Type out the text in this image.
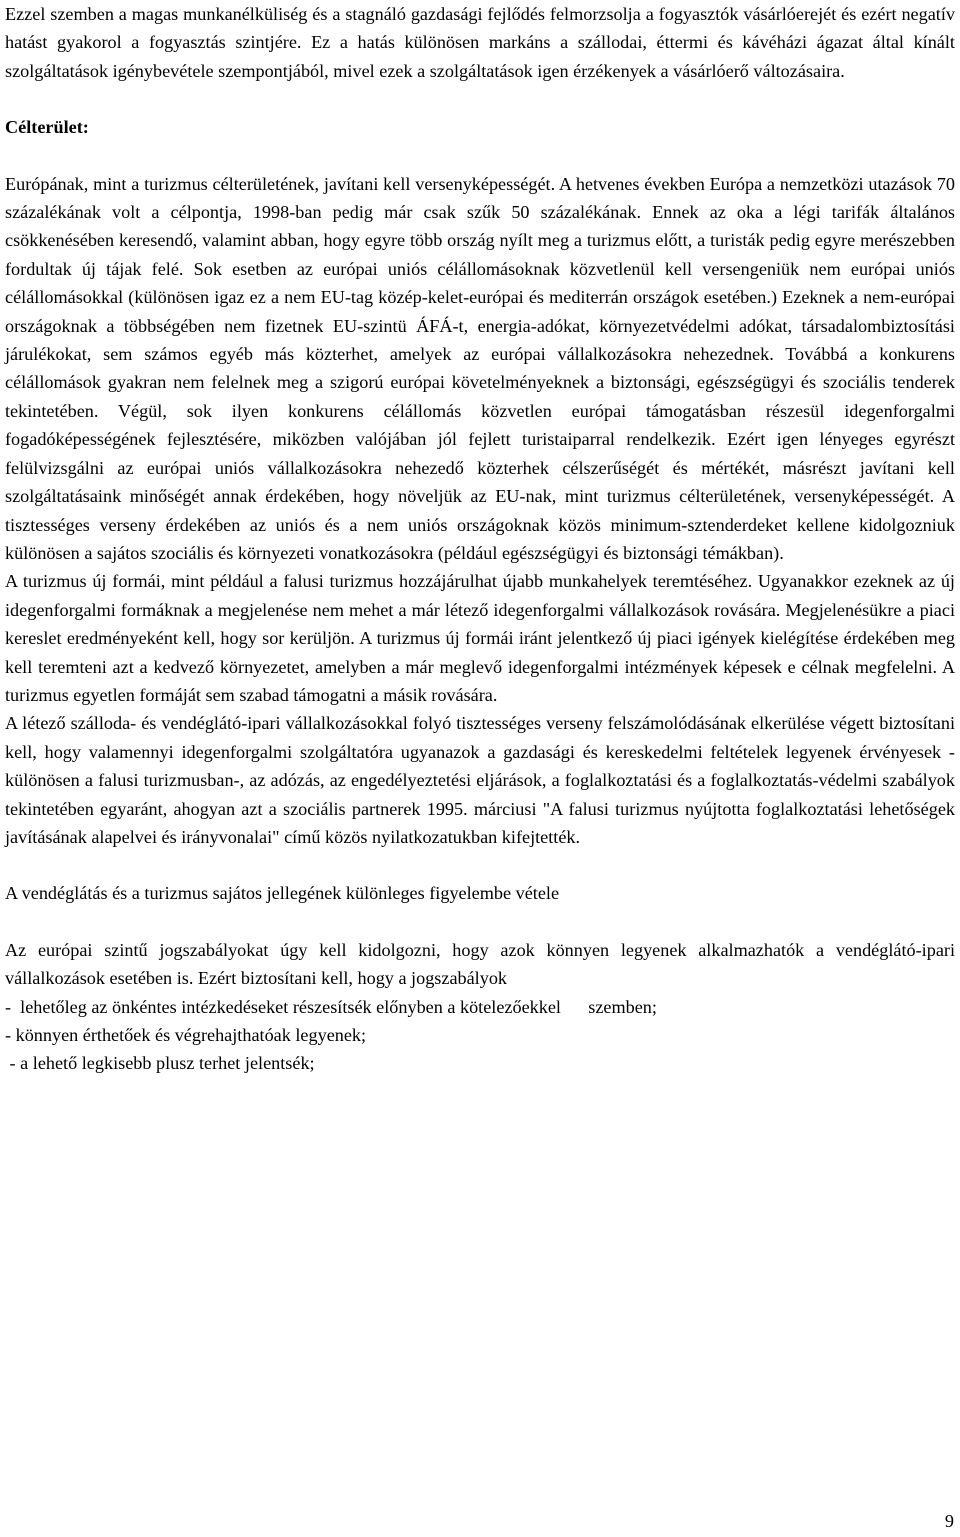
Ezzel szemben a magas munkanélküliség és a stagnáló gazdasági fejlődés felmorzsolja a fogyasztók vásárlóerejét és ezért negatív hatást gyakorol a fogyasztás szintjére. Ez a hatás különösen markáns a szállodai, éttermi és kávéházi ágazat által kínált szolgáltatások igénybevétele szempontjából, mivel ezek a szolgáltatások igen érzékenyek a vásárlóerő változásaira.

Célterület:

Európának, mint a turizmus célterületének, javítani kell versenyképességét. A hetvenes években Európa a nemzetközi utazások 70 százalékának volt a célpontja, 1998-ban pedig már csak szűk 50 százalékának. Ennek az oka a légi tarifák általános csökkenésében keresendő, valamint abban, hogy egyre több ország nyílt meg a turizmus előtt, a turisták pedig egyre merészebben fordultak új tájak felé. Sok esetben az európai uniós célállomásoknak közvetlenül kell versengeniük nem európai uniós célállomásokkal (különösen igaz ez a nem EU-tag közép-kelet-európai és mediterrán országok esetében.) Ezeknek a nem-európai országoknak a többségében nem fizetnek EU-szintü ÁFÁ-t, energia-adókat, környezetvédelmi adókat, társadalombiztosítási járulékokat, sem számos egyéb más közterhet, amelyek az európai vállalkozásokra nehezednek. Továbbá a konkurens célállomások gyakran nem felelnek meg a szigorú európai követelményeknek a biztonsági, egészségügyi és szociális tenderek tekintetében. Végül, sok ilyen konkurens célállomás közvetlen európai támogatásban részesül idegenforgalmi fogadóképességének fejlesztésére, miközben valójában jól fejlett turistaiparral rendelkezik. Ezért igen lényeges egyrészt felülvizsgálni az európai uniós vállalkozásokra nehezedő közterhek célszerűségét és mértékét, másrészt javítani kell szolgáltatásaink minőségét annak érdekében, hogy növeljük az EU-nak, mint turizmus célterületének, versenyképességét. A tisztességes verseny érdekében az uniós és a nem uniós országoknak közös minimum-sztenderdeket kellene kidolgozniuk különösen a sajátos szociális és környezeti vonatkozásokra (például egészségügyi és biztonsági témákban).

A turizmus új formái, mint például a falusi turizmus hozzájárulhat újabb munkahelyek teremtéséhez. Ugyanakkor ezeknek az új idegenforgalmi formáknak a megjelenése nem mehet a már létező idegenforgalmi vállalkozások rovására. Megjelenésükre a piaci kereslet eredményeként kell, hogy sor kerüljön. A turizmus új formái iránt jelentkező új piaci igények kielégítése érdekében meg kell teremteni azt a kedvező környezetet, amelyben a már meglevő idegenforgalmi intézmények képesek e célnak megfelelni. A turizmus egyetlen formáját sem szabad támogatni a másik rovására.

A létező szálloda- és vendéglátó-ipari vállalkozásokkal folyó tisztességes verseny felszámolódásának elkerülése végett biztosítani kell, hogy valamennyi idegenforgalmi szolgáltatóra ugyanazok a gazdasági és kereskedelmi feltételek legyenek érvényesek - különösen a falusi turizmusban-, az adózás, az engedélyeztetési eljárások, a foglalkoztatási és a foglalkoztatás-védelmi szabályok tekintetében egyaránt, ahogyan azt a szociális partnerek 1995. márciusi "A falusi turizmus nyújtotta foglalkoztatási lehetőségek javításának alapelvei és irányvonalai" című közös nyilatkozatukban kifejtették.

A vendéglátás és a turizmus sajátos jellegének különleges figyelembe vétele

Az európai szintű jogszabályokat úgy kell kidolgozni, hogy azok könnyen legyenek alkalmazhatók a vendéglátó-ipari vállalkozások esetében is. Ezért biztosítani kell, hogy a jogszabályok

-  lehetőleg az önkéntes intézkedéseket részesítsék előnyben a kötelezőekkel      szemben;
- könnyen érthetőek és végrehajthatóak legyenek;
- a lehető legkisebb plusz terhet jelentsék;
9
